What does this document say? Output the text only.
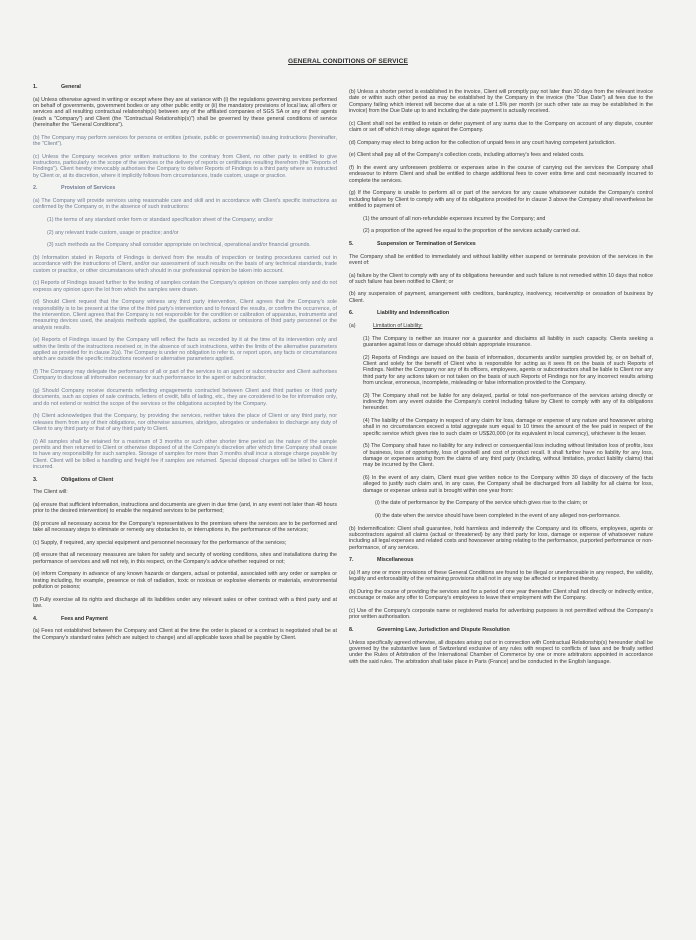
GENERAL CONDITIONS OF SERVICE
1.	General

(a) Unless otherwise agreed in writing or except where they are at variance with (i) the regulations governing services performed on behalf of governments, government bodies or any other public entity or (ii) the mandatory provisions of local law, all offers or services and all resulting contractual relationship(s) between any of the affiliated companies of SGS SA or any of their agents (each a "Company") and Client (the "Contractual Relationship(s)") shall be governed by these general conditions of service (hereinafter the "General Conditions").

(b) The Company may perform services for persons or entities (private, public or governmental) issuing instructions (hereinafter, the "Client").

(c) Unless the Company receives prior written instructions to the contrary from Client, no other party is entitled to give instructions, particularly on the scope of the services or the delivery of reports or certificates resulting therefrom (the "Reports of Findings"). Client hereby irrevocably authorises the Company to deliver Reports of Findings to a third party where so instructed by Client or, at its discretion, where it implicitly follows from circumstances, trade custom, usage or practice.

2.	Provision of Services

(a) The Company will provide services using reasonable care and skill and in accordance with Client's specific instructions as confirmed by the Company or, in the absence of such instructions:

(1) the terms of any standard order form or standard specification sheet of the Company; and/or

(2) any relevant trade custom, usage or practice; and/or

(3) such methods as the Company shall consider appropriate on technical, operational and/or financial grounds.

(b) Information stated in Reports of Findings is derived from the results of inspection or testing procedures carried out in accordance with the instructions of Client, and/or our assessment of such results on the basis of any technical standards, trade custom or practice, or other circumstances which should in our professional opinion be taken into account.

(c) Reports of Findings issued further to the testing of samples contain the Company's opinion on those samples only and do not express any opinion upon the lot from which the samples were drawn.

(d) Should Client request that the Company witness any third party intervention, Client agrees that the Company's sole responsibility is to be present at the time of the third party's intervention and to forward the results, or confirm the occurrence, of the intervention. Client agrees that the Company is not responsible for the condition or calibration of apparatus, instruments and measuring devices used, the analysis methods applied, the qualifications, actions or omissions of third party personnel or the analysis results.

(e) Reports of Findings issued by the Company will reflect the facts as recorded by it at the time of its intervention only and within the limits of the instructions received or, in the absence of such instructions, within the limits of the alternative parameters applied as provided for in clause 2(a). The Company is under no obligation to refer to, or report upon, any facts or circumstances which are outside the specific instructions received or alternative parameters applied.

(f) The Company may delegate the performance of all or part of the services to an agent or subcontractor and Client authorises Company to disclose all information necessary for such performance to the agent or subcontractor.

(g) Should Company receive documents reflecting engagements contracted between Client and third parties or third party documents, such as copies of sale contracts, letters of credit, bills of lading, etc., they are considered to be for information only, and do not extend or restrict the scope of the services or the obligations accepted by the Company.

(h) Client acknowledges that the Company, by providing the services, neither takes the place of Client or any third party, nor releases them from any of their obligations, nor otherwise assumes, abridges, abrogates or undertakes to discharge any duty of Client to any third party or that of any third party to Client.

(i) All samples shall be retained for a maximum of 3 months or such other shorter time period as the nature of the sample permits and then returned to Client or otherwise disposed of at the Company's discretion after which time Company shall cease to have any responsibility for such samples. Storage of samples for more than 3 months shall incur a storage charge payable by Client. Client will be billed a handling and freight fee if samples are returned. Special disposal charges will be billed to Client if incurred.

3.	Obligations of Client

The Client will:

(a) ensure that sufficient information, instructions and documents are given in due time (and, in any event not later than 48 hours prior to the desired intervention) to enable the required services to be performed;

(b) procure all necessary access for the Company's representatives to the premises where the services are to be performed and take all necessary steps to eliminate or remedy any obstacles to, or interruptions in, the performance of the services;

(c) Supply, if required, any special equipment and personnel necessary for the performance of the services;

(d) ensure that all necessary measures are taken for safety and security of working conditions, sites and installations during the performance of services and will not rely, in this respect, on the Company's advice whether required or not;

(e) inform Company in advance of any known hazards or dangers, actual or potential, associated with any order or samples or testing including, for example, presence or risk of radiation, toxic or noxious or explosive elements or materials, environmental pollution or poisons;

(f) Fully exercise all its rights and discharge all its liabilities under any relevant sales or other contract with a third party and at law.

4.	Fees and Payment

(a) Fees not established between the Company and Client at the time the order is placed or a contract is negotiated shall be at the Company's standard rates (which are subject to change) and all applicable taxes shall be payable by Client.

(b) Unless a shorter period is established in the invoice, Client will promptly pay not later than 30 days from the relevant invoice date or within such other period as may be established by the Company in the invoice (the "Due Date") all fees due to the Company failing which interest will become due at a rate of 1.5% per month (or such other rate as may be established in the invoice) from the Due Date up to and including the date payment is actually received.

(c) Client shall not be entitled to retain or defer payment of any sums due to the Company on account of any dispute, counter claim or set off which it may allege against the Company.

(d) Company may elect to bring action for the collection of unpaid fees in any court having competent jurisdiction.

(e) Client shall pay all of the Company's collection costs, including attorney's fees and related costs.

(f) In the event any unforeseen problems or expenses arise in the course of carrying out the services the Company shall endeavour to inform Client and shall be entitled to charge additional fees to cover extra time and cost necessarily incurred to complete the services.

(g) If the Company is unable to perform all or part of the services for any cause whatsoever outside the Company's control including failure by Client to comply with any of its obligations provided for in clause 3 above the Company shall nevertheless be entitled to payment of:

(1) the amount of all non-refundable expenses incurred by the Company; and

(2) a proportion of the agreed fee equal to the proportion of the services actually carried out.

5.	Suspension or Termination of Services

The Company shall be entitled to immediately and without liability either suspend or terminate provision of the services in the event of:

(a) failure by the Client to comply with any of its obligations hereunder and such failure is not remedied within 10 days that notice of such failure has been notified to Client; or

(b) any suspension of payment, arrangement with creditors, bankruptcy, insolvency, receivership or cessation of business by Client.

6.	Liability and Indemnification
(a)	Limitation of Liability:

(1) The Company is neither an insurer nor a guarantor and disclaims all liability in such capacity. Clients seeking a guarantee against loss or damage should obtain appropriate insurance.

(2) Reports of Findings are issued on the basis of information, documents and/or samples provided by, or on behalf of, Client and solely for the benefit of Client who is responsible for acting as it sees fit on the basis of such Reports of Findings. Neither the Company nor any of its officers, employees, agents or subcontractors shall be liable to Client nor any third party for any actions taken or not taken on the basis of such Reports of Findings nor for any incorrect results arising from unclear, erroneous, incomplete, misleading or false information provided to the Company.

(3) The Company shall not be liable for any delayed, partial or total non-performance of the services arising directly or indirectly from any event outside the Company's control including failure by Client to comply with any of its obligations hereunder.

(4) The liability of the Company in respect of any claim for loss, damage or expense of any nature and howsoever arising shall in no circumstances exceed a total aggregate sum equal to 10 times the amount of the fee paid in respect of the specific service which gives rise to such claim or US$20,000 (or its equivalent in local currency), whichever is the lesser.

(5) The Company shall have no liability for any indirect or consequential loss including without limitation loss of profits, loss of business, loss of opportunity, loss of goodwill and cost of product recall. It shall further have no liability for any loss, damage or expenses arising from the claims of any third party (including, without limitation, product liability claims) that may be incurred by the Client.

(6) In the event of any claim, Client must give written notice to the Company within 30 days of discovery of the facts alleged to justify such claim and, in any case, the Company shall be discharged from all liability for all claims for loss, damage or expense unless suit is brought within one year from:

(i) the date of performance by the Company of the service which gives rise to the claim; or

(ii) the date when the service should have been completed in the event of any alleged non-performance.

(b) Indemnification: Client shall guarantee, hold harmless and indemnify the Company and its officers, employees, agents or subcontractors against all claims (actual or threatened) by any third party for loss, damage or expense of whatsoever nature including all legal expenses and related costs and howsoever arising relating to the performance, purported performance or non-performance, of any services.

7.	Miscellaneous

(a) If any one or more provisions of these General Conditions are found to be illegal or unenforceable in any respect, the validity, legality and enforceability of the remaining provisions shall not in any way be affected or impaired thereby.

(b) During the course of providing the services and for a period of one year thereafter Client shall not directly or indirectly entice, encourage or make any offer to Company's employees to leave their employment with the Company.

(c) Use of the Company's corporate name or registered marks for advertising purposes is not permitted without the Company's prior written authorisation.

8.	Governing Law, Jurisdiction and Dispute Resolution

Unless specifically agreed otherwise, all disputes arising out or in connection with Contractual Relationship(s) hereunder shall be governed by the substantive laws of Switzerland exclusive of any rules with respect to conflicts of laws and be finally settled under the Rules of Arbitration of the International Chamber of Commerce by one or more arbitrators appointed in accordance with the said rules. The arbitration shall take place in Paris (France) and be conducted in the English language.
